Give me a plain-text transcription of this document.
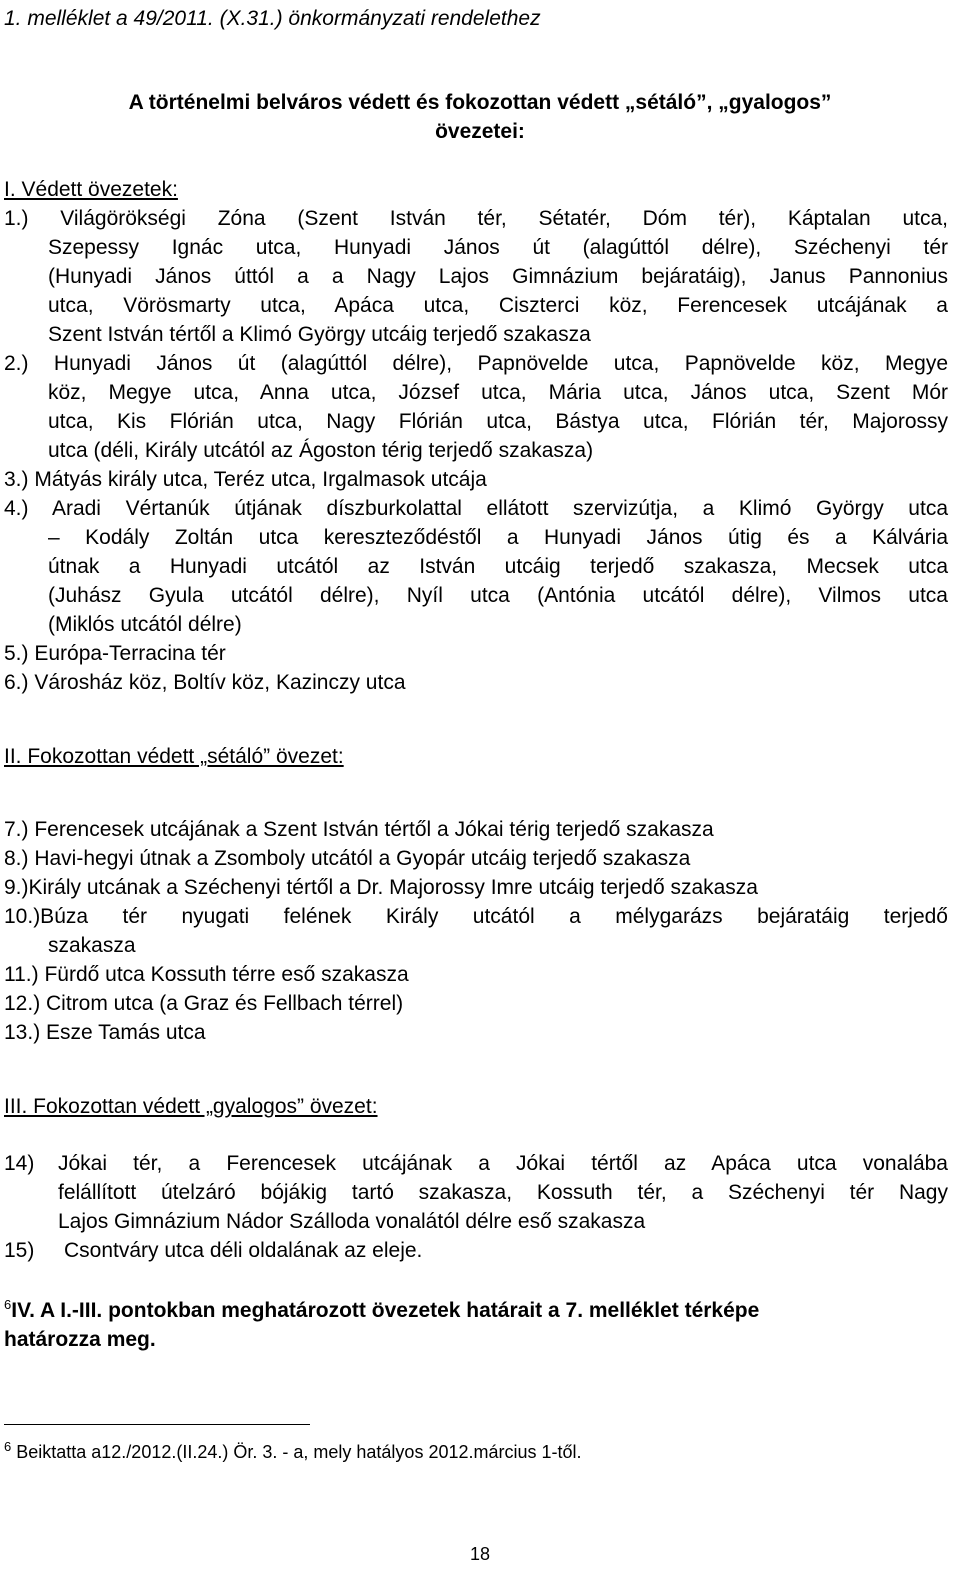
1. melléklet a 49/2011. (X.31.) önkormányzati rendelethez
A történelmi belváros védett és fokozottan védett „sétáló”, „gyalogos”
övezetei:
I. Védett övezetek:
1.) Világörökségi Zóna (Szent István tér, Sétatér, Dóm tér), Káptalan utca,
Szepessy Ignác utca, Hunyadi János út (alagúttól délre), Széchenyi tér
(Hunyadi János úttól a a Nagy Lajos Gimnázium bejáratáig), Janus Pannonius
utca, Vörösmarty utca, Apáca utca, Ciszterci köz, Ferencesek utcájának a
Szent István tértől a Klimó György utcáig terjedő szakasza
2.) Hunyadi János út (alagúttól délre), Papnövelde utca, Papnövelde köz, Megye
köz, Megye utca, Anna utca, József utca, Mária utca, János utca, Szent Mór
utca, Kis Flórián utca, Nagy Flórián utca, Bástya utca, Flórián tér, Majorossy
utca (déli, Király utcától az Ágoston térig terjedő szakasza)
3.) Mátyás király utca, Teréz utca, Irgalmasok utcája
4.) Aradi Vértanúk útjának díszburkolattal ellátott szervizútja, a Klimó György utca
– Kodály Zoltán utca kereszteződéstől a Hunyadi János útig és a Kálvária
útnak a Hunyadi utcától az István utcáig terjedő szakasza, Mecsek utca
(Juhász Gyula utcától délre), Nyíl utca (Antónia utcától délre), Vilmos utca
(Miklós utcától délre)
5.) Európa-Terracina tér
6.) Városház köz, Boltív köz, Kazinczy utca
II. Fokozottan védett „sétáló” övezet:
7.) Ferencesek utcájának a Szent István tértől a Jókai térig terjedő szakasza
8.) Havi-hegyi útnak a Zsomboly utcától a Gyopár utcáig terjedő szakasza
9.)Király utcának a Széchenyi tértől a Dr. Majorossy Imre utcáig terjedő szakasza
10.)Búza tér nyugati felének Király utcától a mélygarázs bejáratáig terjedő
szakasza
11.) Fürdő utca Kossuth térre eső szakasza
12.) Citrom utca (a Graz és Fellbach térrel)
13.) Esze Tamás utca
III. Fokozottan védett „gyalogos” övezet:
14) Jókai tér, a Ferencesek utcájának a Jókai tértől az Apáca utca vonalába
felállított útelzáró bójákig tartó szakasza, Kossuth tér, a Széchenyi tér Nagy
Lajos Gimnázium Nádor Szálloda vonalától délre eső szakasza
15) Csontváry utca déli oldalának az eleje.
$^6$IV. A I.-III. pontokban meghatározott övezetek határait a 7. melléklet térképe
határozza meg.
$^6$ Beiktatta a12./2012.(II.24.) Ör. 3. - a, mely hatályos 2012.március 1-től.
18
